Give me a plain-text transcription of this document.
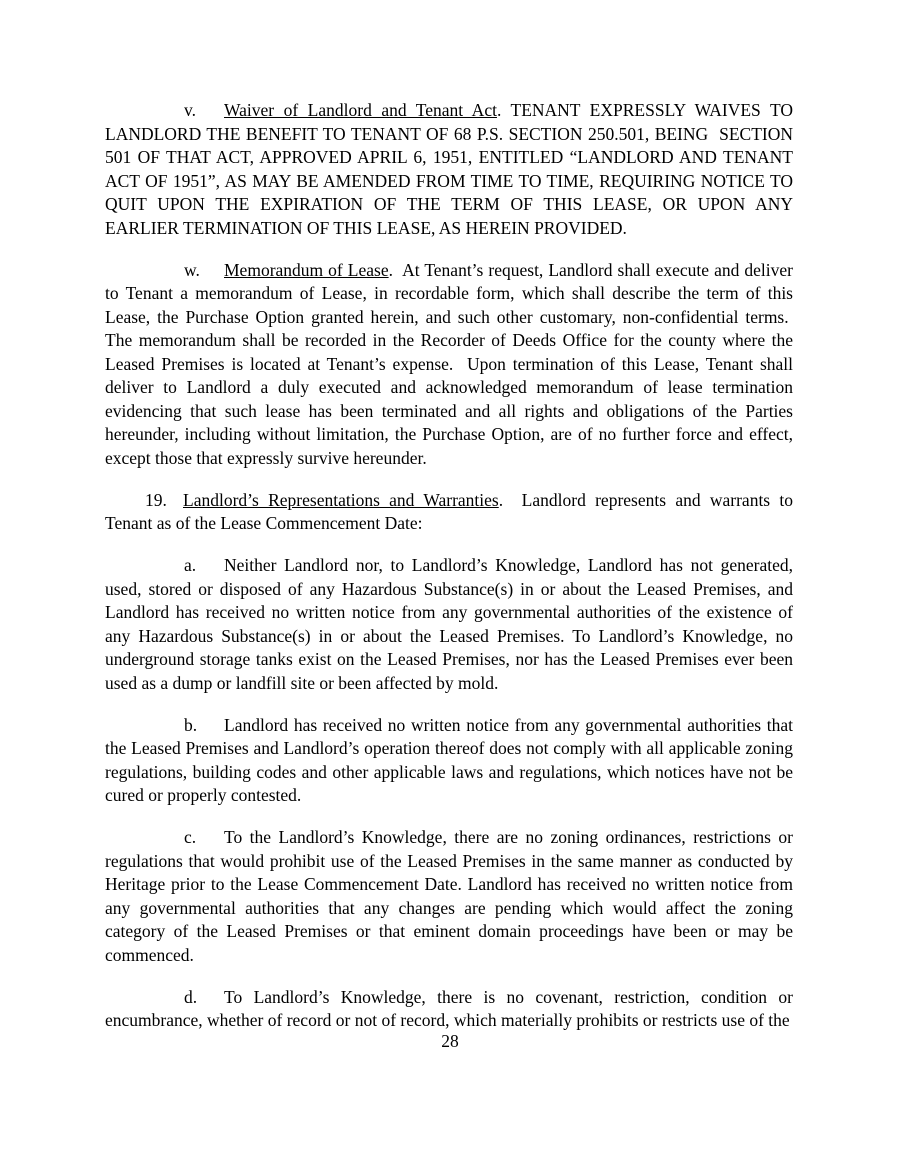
v. Waiver of Landlord and Tenant Act. TENANT EXPRESSLY WAIVES TO LANDLORD THE BENEFIT TO TENANT OF 68 P.S. SECTION 250.501, BEING  SECTION 501 OF THAT ACT, APPROVED APRIL 6, 1951, ENTITLED “LANDLORD AND TENANT ACT OF 1951”, AS MAY BE AMENDED FROM TIME TO TIME, REQUIRING NOTICE TO QUIT UPON THE EXPIRATION OF THE TERM OF THIS LEASE, OR UPON ANY EARLIER TERMINATION OF THIS LEASE, AS HEREIN PROVIDED.

w. Memorandum of Lease.  At Tenant’s request, Landlord shall execute and deliver to Tenant a memorandum of Lease, in recordable form, which shall describe the term of this Lease, the Purchase Option granted herein, and such other customary, non-confidential terms.  The memorandum shall be recorded in the Recorder of Deeds Office for the county where the Leased Premises is located at Tenant’s expense.  Upon termination of this Lease, Tenant shall deliver to Landlord a duly executed and acknowledged memorandum of lease termination evidencing that such lease has been terminated and all rights and obligations of the Parties hereunder, including without limitation, the Purchase Option, are of no further force and effect, except those that expressly survive hereunder.

19. Landlord’s Representations and Warranties.  Landlord represents and warrants to Tenant as of the Lease Commencement Date:

a. Neither Landlord nor, to Landlord’s Knowledge, Landlord has not generated, used, stored or disposed of any Hazardous Substance(s) in or about the Leased Premises, and Landlord has received no written notice from any governmental authorities of the existence of any Hazardous Substance(s) in or about the Leased Premises. To Landlord’s Knowledge, no underground storage tanks exist on the Leased Premises, nor has the Leased Premises ever been used as a dump or landfill site or been affected by mold.

b. Landlord has received no written notice from any governmental authorities that the Leased Premises and Landlord’s operation thereof does not comply with all applicable zoning regulations, building codes and other applicable laws and regulations, which notices have not be cured or properly contested.

c. To the Landlord’s Knowledge, there are no zoning ordinances, restrictions or regulations that would prohibit use of the Leased Premises in the same manner as conducted by Heritage prior to the Lease Commencement Date. Landlord has received no written notice from any governmental authorities that any changes are pending which would affect the zoning category of the Leased Premises or that eminent domain proceedings have been or may be commenced.

d. To Landlord’s Knowledge, there is no covenant, restriction, condition or encumbrance, whether of record or not of record, which materially prohibits or restricts use of the

28
